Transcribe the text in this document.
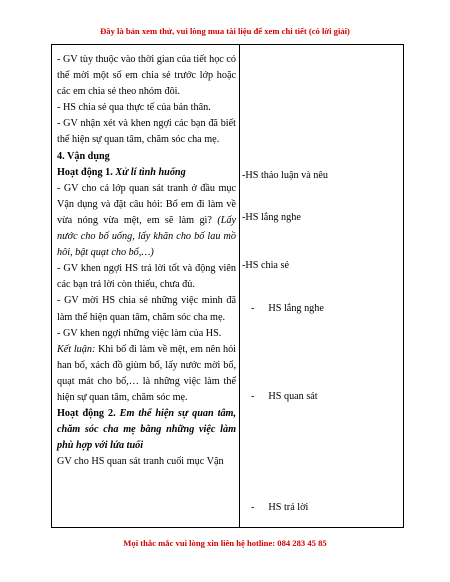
Đây là bản xem thử, vui lòng mua tài liệu để xem chi tiết (có lời giải)

- GV tùy thuộc vào thời gian của tiết học có thể mời một số em chia sẻ trước lớp hoặc các em chia sẻ theo nhóm đôi.

- HS chia sẻ qua thực tế của bản thân.

- GV nhận xét và khen ngợi các bạn đã biết thể hiện sự quan tâm, chăm sóc cha mẹ.

4. Vận dụng

Hoạt động 1. Xử lí tình huống

- GV cho cả lớp quan sát tranh ở đầu mục Vận dụng và đặt câu hỏi: Bố em đi làm về vừa nóng vừa mệt, em sẽ làm gì? (Lấy nước cho bố uống, lấy khăn cho bố lau mồ hôi, bật quạt cho bố,…)

- GV khen ngợi HS trả lời tốt và động viên các bạn trả lời còn thiếu, chưa đủ.

- GV mời HS chia sẻ những việc mình đã làm thể hiện quan tâm, chăm sóc cha mẹ.

- GV khen ngợi những việc làm của HS.

Kết luận: Khi bố đi làm về mệt, em nên hỏi han bố, xách đồ giùm bố, lấy nước mời bố, quạt mát cho bố,… là những việc làm thể hiện sự quan tâm, chăm sóc mẹ.

Hoạt động 2. Em thể hiện sự quan tâm, chăm sóc cha mẹ bằng những việc làm phù hợp với lứa tuổi

GV cho HS quan sát tranh cuối mục Vận

-HS thảo luận và nêu
-HS lắng nghe
-HS chia sẻ
- HS lắng nghe
- HS quan sát
- HS trả lời
Mọi thắc mắc vui lòng xin liên hệ hotline: 084 283 45 85
